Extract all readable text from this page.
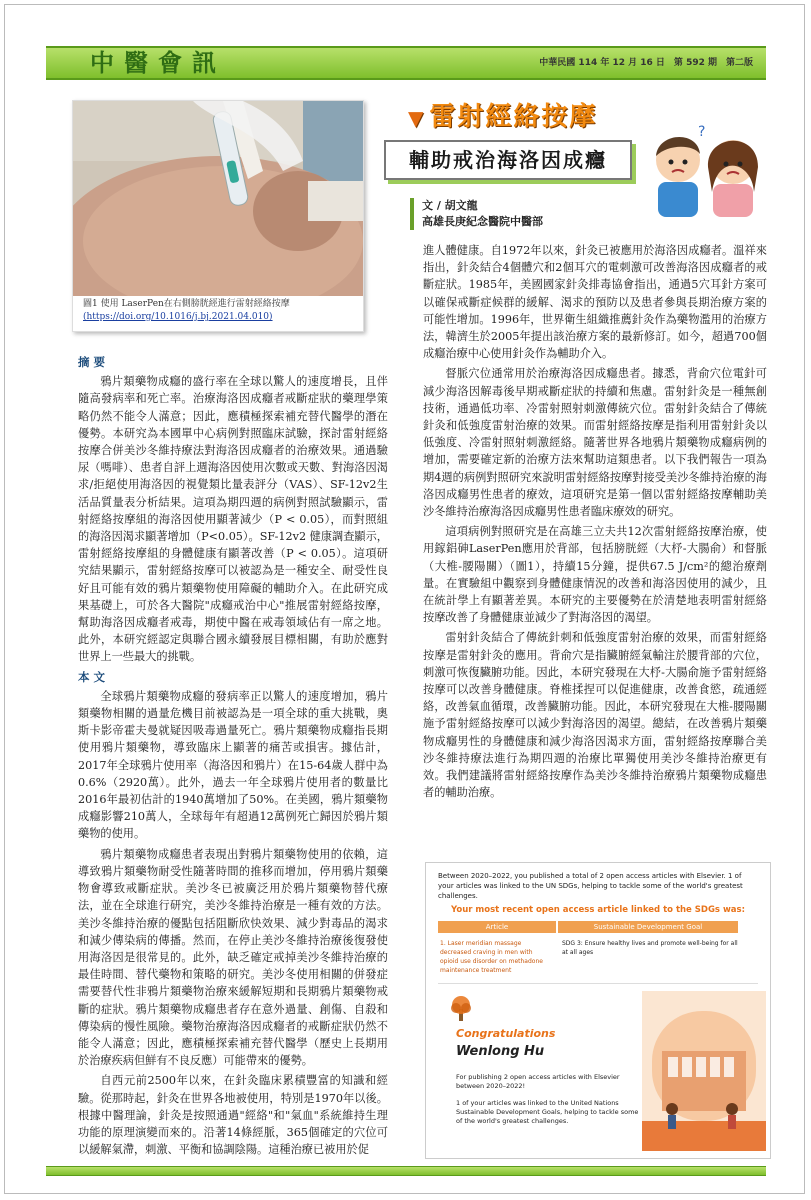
中醫會訊	中華民國 114 年 12 月 16 日　第 592 期　第二版
圖1 使用 LaserPen在右側膀胱經進行雷射經絡按摩
(https://doi.org/10.1016/j.bj.2021.04.010)
▼ 雷射經絡按摩
輔助戒治海洛因成癮
?
文 / 胡文龍
高雄長庚紀念醫院中醫部
摘 要

鴉片類藥物成癮的盛行率在全球以驚人的速度增長，且伴隨高發病率和死亡率。治療海洛因成癮者戒斷症狀的藥理學策略仍然不能令人滿意；因此，應積極探索補充替代醫學的潛在優勢。本研究為本國單中心病例對照臨床試驗，探討雷射經絡按摩合併美沙冬維持療法對海洛因成癮者的治療效果。通過驗尿（嗎啡）、患者自評上週海洛因使用次數或天數、對海洛因渴求/拒絕使用海洛因的視覺類比量表評分（VAS）、SF-12v2生活品質量表分析結果。這項為期四週的病例對照試驗顯示，雷射經絡按摩組的海洛因使用顯著減少（P < 0.05），而對照組的海洛因渴求顯著增加（P<0.05）。SF-12v2 健康調查顯示，雷射經絡按摩組的身體健康有顯著改善（P < 0.05）。這項研究結果顯示，雷射經絡按摩可以被認為是一種安全、耐受性良好且可能有效的鴉片類藥物使用障礙的輔助介入。在此研究成果基礎上，可於各大醫院"成癮戒治中心"推展雷射經絡按摩，幫助海洛因成癮者戒毒，期使中醫在戒毒領域佔有一席之地。此外，本研究經認定與聯合國永續發展目標相關，有助於應對世界上一些最大的挑戰。

本 文

全球鴉片類藥物成癮的發病率正以驚人的速度增加，鴉片類藥物相關的過量危機目前被認為是一項全球的重大挑戰，奧斯卡影帝霍夫曼就疑因吸毒過量死亡。鴉片類藥物成癮指長期使用鴉片類藥物，導致臨床上顯著的痛苦或損害。據估計，2017年全球鴉片使用率（海洛因和鴉片）在15-64歲人群中為0.6%（2920萬）。此外，過去一年全球鴉片使用者的數量比2016年最初估計的1940萬增加了50%。在美國，鴉片類藥物成癮影響210萬人，全球每年有超過12萬例死亡歸因於鴉片類藥物的使用。

鴉片類藥物成癮患者表現出對鴉片類藥物使用的依賴，這導致鴉片類藥物耐受性隨著時間的推移而增加，停用鴉片類藥物會導致戒斷症狀。美沙冬已被廣泛用於鴉片類藥物替代療法，並在全球進行研究，美沙冬維持治療是一種有效的方法。美沙冬維持治療的優點包括阻斷欣快效果、減少對毒品的渴求和減少傳染病的傳播。然而，在停止美沙冬維持治療後復發使用海洛因是很常見的。此外，缺乏確定戒掉美沙冬維持治療的最佳時間、替代藥物和策略的研究。美沙冬使用相關的併發症需要替代性非鴉片類藥物治療來緩解短期和長期鴉片類藥物戒斷的症狀。鴉片類藥物成癮患者存在意外過量、創傷、自殺和傳染病的慢性風險。藥物治療海洛因成癮者的戒斷症狀仍然不能令人滿意；因此，應積極探索補充替代醫學（歷史上長期用於治療疾病但鮮有不良反應）可能帶來的優勢。

自西元前2500年以來，在針灸臨床累積豐富的知識和經驗。從那時起，針灸在世界各地被使用，特別是1970年以後。根據中醫理論，針灸是按照通過"經絡"和"氣血"系統維持生理功能的原理演變而來的。沿著14條經脈，365個確定的穴位可以緩解氣滯，刺激、平衡和協調陰陽。這種治療已被用於促

進人體健康。自1972年以來，針灸已被應用於海洛因成癮者。溫祥來指出，針灸結合4個體穴和2個耳穴的電刺激可改善海洛因成癮者的戒斷症狀。1985年，美國國家針灸排毒協會指出，通過5穴耳針方案可以確保戒斷症候群的緩解、渴求的預防以及患者參與長期治療方案的可能性增加。1996年，世界衛生組織推薦針灸作為藥物濫用的治療方法，韓濟生於2005年提出該治療方案的最新修訂。如今，超過700個成癮治療中心使用針灸作為輔助介入。

督脈穴位通常用於治療海洛因成癮患者。據悉，背俞穴位電針可減少海洛因解毒後早期戒斷症狀的持續和焦慮。雷射針灸是一種無創技術，通過低功率、冷雷射照射刺激傳統穴位。雷射針灸結合了傳統針灸和低強度雷射治療的效果。而雷射經絡按摩是指利用雷射針灸以低強度、冷雷射照射刺激經絡。隨著世界各地鴉片類藥物成癮病例的增加，需要確定新的治療方法來幫助這類患者。以下我們報告一項為期4週的病例對照研究來說明雷射經絡按摩對接受美沙冬維持治療的海洛因成癮男性患者的療效，這項研究是第一個以雷射經絡按摩輔助美沙冬維持治療海洛因成癮男性患者臨床療效的研究。

這項病例對照研究是在高雄三立夫共12次雷射經絡按摩治療，使用鎵鋁砷LaserPen應用於背部，包括膀胱經（大杼-大腸俞）和督脈（大椎-腰陽關）（圖1），持續15分鐘，提供67.5 J/cm²的總治療劑量。在實驗組中觀察到身體健康情況的改善和海洛因使用的減少，且在統計學上有顯著差異。本研究的主要優勢在於清楚地表明雷射經絡按摩改善了身體健康並減少了對海洛因的渴望。

雷射針灸結合了傳統針刺和低強度雷射治療的效果，而雷射經絡按摩是雷射針灸的應用。背俞穴是指臟腑經氣輸注於腰背部的穴位，刺激可恢復臟腑功能。因此，本研究發現在大杼-大腸俞施予雷射經絡按摩可以改善身體健康。脊椎揉捏可以促進健康，改善食慾，疏通經絡，改善氣血循環，改善臟腑功能。因此，本研究發現在大椎-腰陽關施予雷射經絡按摩可以減少對海洛因的渴望。總結，在改善鴉片類藥物成癮男性的身體健康和減少海洛因渴求方面，雷射經絡按摩聯合美沙冬維持療法進行為期四週的治療比單獨使用美沙冬維持治療更有效。我們建議將雷射經絡按摩作為美沙冬維持治療鴉片類藥物成癮患者的輔助治療。

Between 2020–2022, you published a total of 2 open access articles with Elsevier. 1 of your articles was linked to the UN SDGs, helping to tackle some of the world's greatest challenges.
Your most recent open access article linked to the SDGs was:
Article	Sustainable Development Goal
1. Laser meridian massage decreased craving in men with opioid use disorder on methadone maintenance treatment
SDG 3: Ensure healthy lives and promote well-being for all at all ages
Congratulations
Wenlong Hu
For publishing 2 open access articles with Elsevier between 2020–2022!
1 of your articles was linked to the United Nations Sustainable Development Goals, helping to tackle some of the world's greatest challenges.
